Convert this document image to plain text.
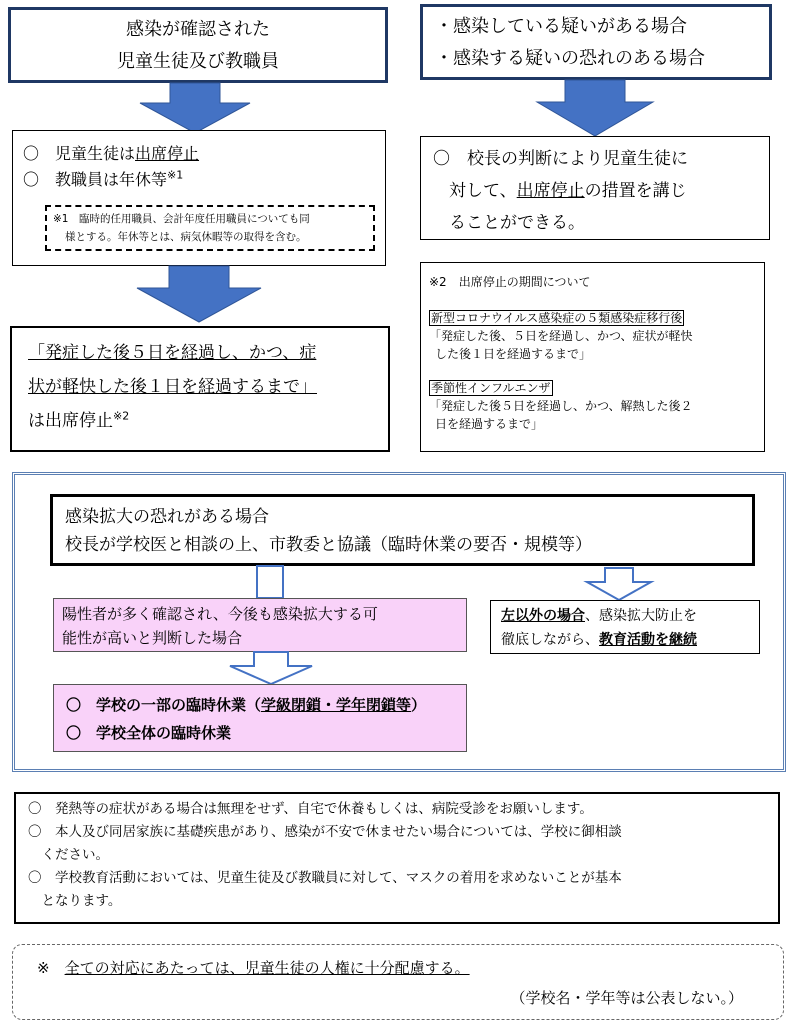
感染が確認された
児童生徒及び教職員
〇　児童生徒は出席停止
〇　教職員は年休等$^{※1}$
※1　臨時的任用職員、会計年度任用職員についても同
様とする。年休等とは、病気休暇等の取得を含む。
「発症した後５日を経過し、かつ、症
状が軽快した後１日を経過するまで」
は出席停止$^{※2}$
・感染している疑いがある場合
・感染する疑いの恐れのある場合
〇　校長の判断により児童生徒に
対して、出席停止の措置を講じ
ることができる。
※2　出席停止の期間について
新型コロナウイルス感染症の５類感染症移行後
「発症した後、５日を経過し、かつ、症状が軽快
した後１日を経過するまで」
季節性インフルエンザ
「発症した後５日を経過し、かつ、解熱した後２
日を経過するまで」
感染拡大の恐れがある場合
校長が学校医と相談の上、市教委と協議（臨時休業の要否・規模等）
陽性者が多く確認され、今後も感染拡大する可
能性が高いと判断した場合
〇　学校の一部の臨時休業（学級閉鎖・学年閉鎖等）
〇　学校全体の臨時休業
左以外の場合、感染拡大防止を
徹底しながら、教育活動を継続
〇　発熱等の症状がある場合は無理をせず、自宅で休養もしくは、病院受診をお願いします。
〇　本人及び同居家族に基礎疾患があり、感染が不安で休ませたい場合については、学校に御相談
　ください。
〇　学校教育活動においては、児童生徒及び教職員に対して、マスクの着用を求めないことが基本
　となります。
※　全ての対応にあたっては、児童生徒の人権に十分配慮する。
（学校名・学年等は公表しない。）
